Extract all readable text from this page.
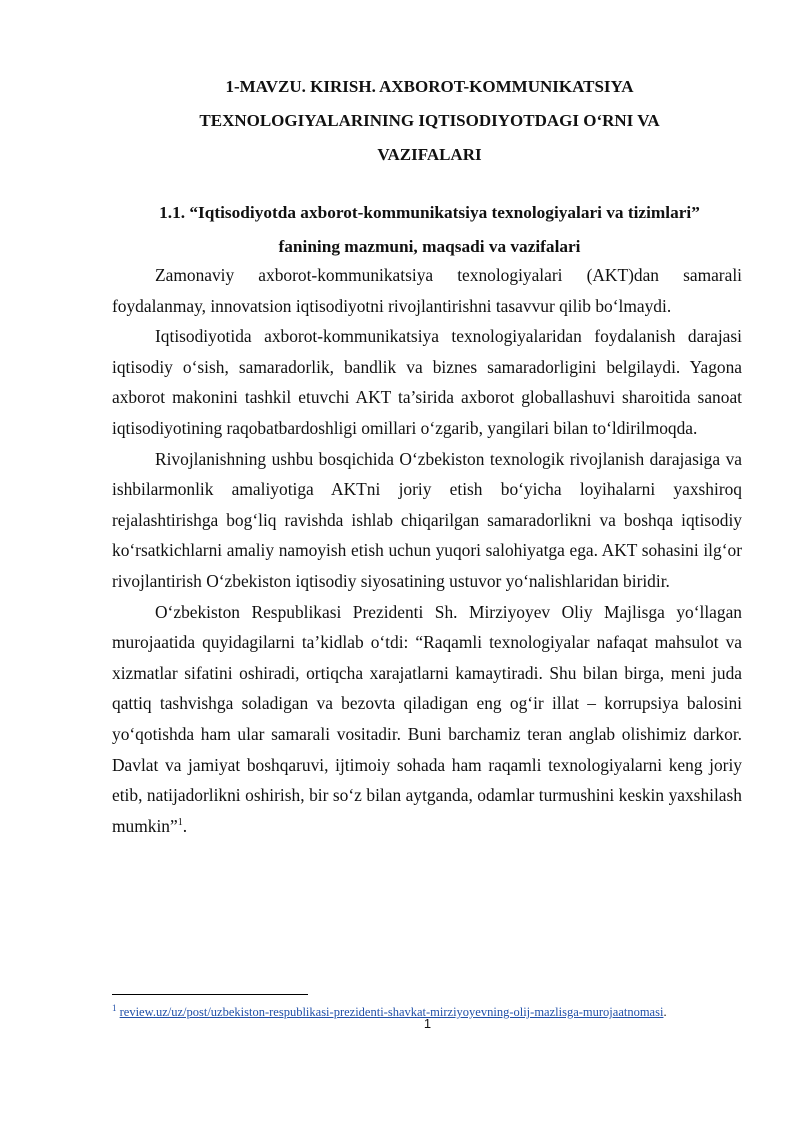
1-MAVZU. KIRISH. AXBOROT-KOMMUNIKATSIYA
TEXNOLOGIYALARINING IQTISODIYOTDAGI O‘RNI VA
VAZIFALARI
1.1. “Iqtisodiyotda axborot-kommunikatsiya texnologiyalari va tizimlari”
fanining mazmuni, maqsadi va vazifalari

Zamonaviy axborot-kommunikatsiya texnologiyalari (AKT)dan samarali foydalanmay, innovatsion iqtisodiyotni rivojlantirishni tasavvur qilib bo‘lmaydi.

Iqtisodiyotida axborot-kommunikatsiya texnologiyalaridan foydalanish darajasi iqtisodiy o‘sish, samaradorlik, bandlik va biznes samaradorligini belgilaydi. Yagona axborot makonini tashkil etuvchi AKT ta’sirida axborot globallashuvi sharoitida sanoat iqtisodiyotining raqobatbardoshligi omillari o‘zgarib, yangilari bilan to‘ldirilmoqda.

Rivojlanishning ushbu bosqichida O‘zbekiston texnologik rivojlanish darajasiga va ishbilarmonlik amaliyotiga AKTni joriy etish bo‘yicha loyihalarni yaxshiroq rejalashtirishga bog‘liq ravishda ishlab chiqarilgan samaradorlikni va boshqa iqtisodiy ko‘rsatkichlarni amaliy namoyish etish uchun yuqori salohiyatga ega. AKT sohasini ilg‘or rivojlantirish O‘zbekiston iqtisodiy siyosatining ustuvor yo‘nalishlaridan biridir.

O‘zbekiston Respublikasi Prezidenti Sh. Mirziyoyev Oliy Majlisga yo‘llagan murojaatida quyidagilarni ta’kidlab o‘tdi: “Raqamli texnologiyalar nafaqat mahsulot va xizmatlar sifatini oshiradi, ortiqcha xarajatlarni kamaytiradi. Shu bilan birga, meni juda qattiq tashvishga soladigan va bezovta qiladigan eng og‘ir illat – korrupsiya balosini yo‘qotishda ham ular samarali vositadir. Buni barchamiz teran anglab olishimiz darkor. Davlat va jamiyat boshqaruvi, ijtimoiy sohada ham raqamli texnologiyalarni keng joriy etib, natijadorlikni oshirish, bir so‘z bilan aytganda, odamlar turmushini keskin yaxshilash mumkin”$^1$.

$^1$ review.uz/uz/post/uzbekiston-respublikasi-prezidenti-shavkat-mirziyoyevning-olij-mazlisga-murojaatnomasi.

1
